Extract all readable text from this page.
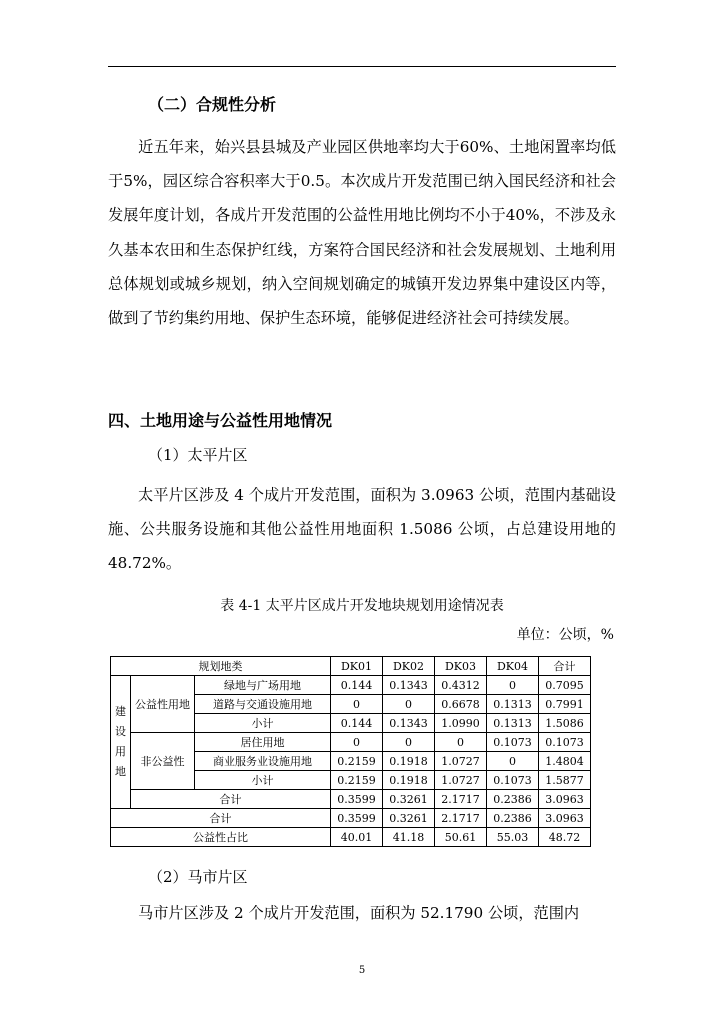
（二）合规性分析
近五年来，始兴县县城及产业园区供地率均大于60%、土地闲置率均低于5%，园区综合容积率大于0.5。本次成片开发范围已纳入国民经济和社会发展年度计划，各成片开发范围的公益性用地比例均不小于40%，不涉及永久基本农田和生态保护红线，方案符合国民经济和社会发展规划、土地利用总体规划或城乡规划，纳入空间规划确定的城镇开发边界集中建设区内等，做到了节约集约用地、保护生态环境，能够促进经济社会可持续发展。
四、土地用途与公益性用地情况
（1）太平片区
太平片区涉及 4 个成片开发范围，面积为 3.0963 公顷，范围内基础设施、公共服务设施和其他公益性用地面积 1.5086 公顷，占总建设用地的 48.72%。
表 4-1 太平片区成片开发地块规划用途情况表
单位：公顷，%
规划地类			DK01	DK02	DK03	DK04	合计
建
设
用
地	公益性用地	绿地与广场用地	0.144	0.1343	0.4312	0	0.7095
		道路与交通设施用地	0	0	0.6678	0.1313	0.7991
		小计	0.144	0.1343	1.0990	0.1313	1.5086
	非公益性	居住用地	0	0	0	0.1073	0.1073
		商业服务业设施用地	0.2159	0.1918	1.0727	0	1.4804
		小计	0.2159	0.1918	1.0727	0.1073	1.5877
	合计		0.3599	0.3261	2.1717	0.2386	3.0963
合计			0.3599	0.3261	2.1717	0.2386	3.0963
公益性占比			40.01	41.18	50.61	55.03	48.72
（2）马市片区
马市片区涉及 2 个成片开发范围，面积为 52.1790 公顷，范围内
5
